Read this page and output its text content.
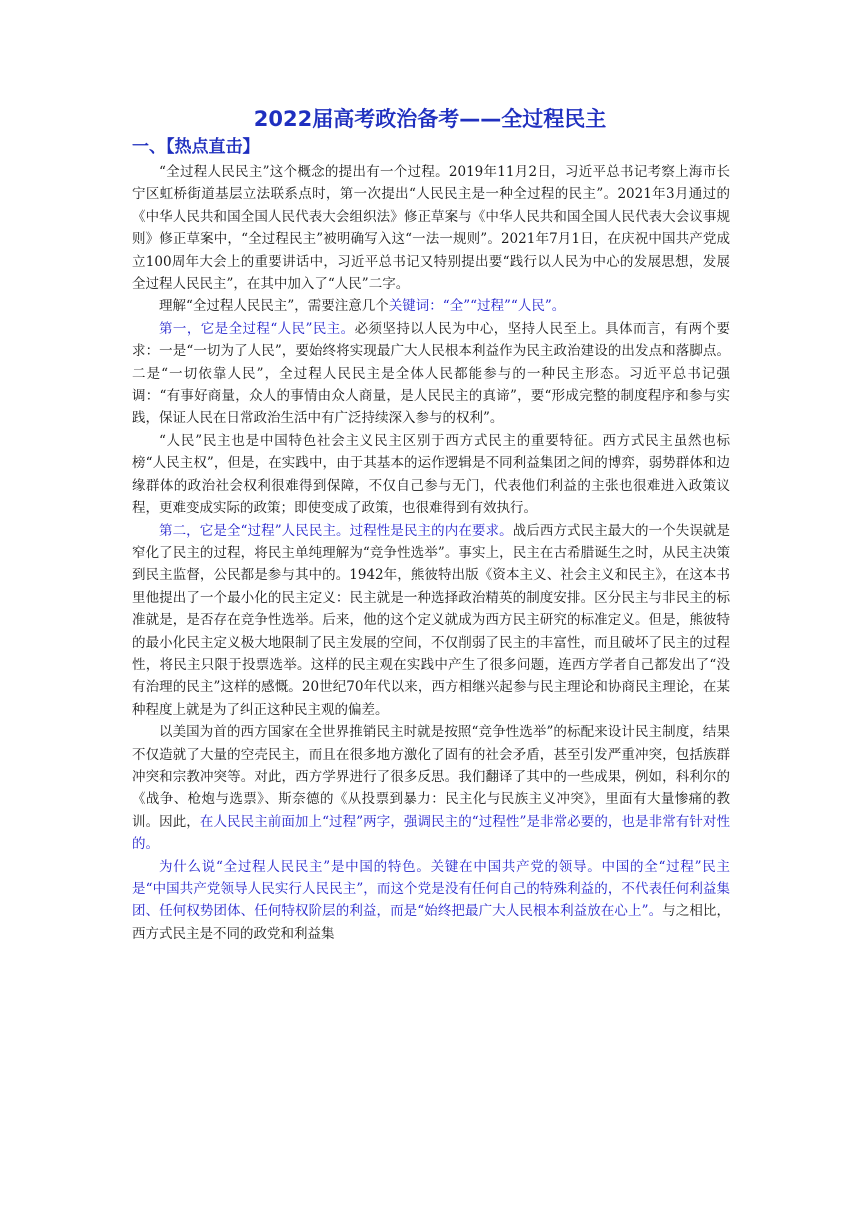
2022届高考政治备考——全过程民主
一、【热点直击】

“全过程人民民主”这个概念的提出有一个过程。2019年11月2日，习近平总书记考察上海市长宁区虹桥街道基层立法联系点时，第一次提出“人民民主是一种全过程的民主”。2021年3月通过的《中华人民共和国全国人民代表大会组织法》修正草案与《中华人民共和国全国人民代表大会议事规则》修正草案中，“全过程民主”被明确写入这“一法一规则”。2021年7月1日，在庆祝中国共产党成立100周年大会上的重要讲话中，习近平总书记又特别提出要“践行以人民为中心的发展思想，发展全过程人民民主”，在其中加入了“人民”二字。

理解“全过程人民民主”，需要注意几个关键词：“全”“过程”“人民”。

第一，它是全过程“人民”民主。必须坚持以人民为中心，坚持人民至上。具体而言，有两个要求：一是“一切为了人民”，要始终将实现最广大人民根本利益作为民主政治建设的出发点和落脚点。二是“一切依靠人民”，全过程人民民主是全体人民都能参与的一种民主形态。习近平总书记强调：“有事好商量，众人的事情由众人商量，是人民民主的真谛”，要“形成完整的制度程序和参与实践，保证人民在日常政治生活中有广泛持续深入参与的权利”。

“人民”民主也是中国特色社会主义民主区别于西方式民主的重要特征。西方式民主虽然也标榜“人民主权”，但是，在实践中，由于其基本的运作逻辑是不同利益集团之间的博弈，弱势群体和边缘群体的政治社会权利很难得到保障，不仅自己参与无门，代表他们利益的主张也很难进入政策议程，更难变成实际的政策；即使变成了政策，也很难得到有效执行。

第二，它是全“过程”人民民主。过程性是民主的内在要求。战后西方式民主最大的一个失误就是窄化了民主的过程，将民主单纯理解为“竞争性选举”。事实上，民主在古希腊诞生之时，从民主决策到民主监督，公民都是参与其中的。1942年，熊彼特出版《资本主义、社会主义和民主》，在这本书里他提出了一个最小化的民主定义：民主就是一种选择政治精英的制度安排。区分民主与非民主的标准就是，是否存在竞争性选举。后来，他的这个定义就成为西方民主研究的标准定义。但是，熊彼特的最小化民主定义极大地限制了民主发展的空间，不仅削弱了民主的丰富性，而且破坏了民主的过程性，将民主只限于投票选举。这样的民主观在实践中产生了很多问题，连西方学者自己都发出了“没有治理的民主”这样的感慨。20世纪70年代以来，西方相继兴起参与民主理论和协商民主理论，在某种程度上就是为了纠正这种民主观的偏差。

以美国为首的西方国家在全世界推销民主时就是按照“竞争性选举”的标配来设计民主制度，结果不仅造就了大量的空壳民主，而且在很多地方激化了固有的社会矛盾，甚至引发严重冲突，包括族群冲突和宗教冲突等。对此，西方学界进行了很多反思。我们翻译了其中的一些成果，例如，科利尔的《战争、枪炮与选票》、斯奈德的《从投票到暴力：民主化与民族主义冲突》，里面有大量惨痛的教训。因此，在人民民主前面加上“过程”两字，强调民主的“过程性”是非常必要的，也是非常有针对性的。

为什么说“全过程人民民主”是中国的特色。关键在中国共产党的领导。中国的全“过程”民主是“中国共产党领导人民实行人民民主”，而这个党是没有任何自己的特殊利益的，不代表任何利益集团、任何权势团体、任何特权阶层的利益，而是“始终把最广大人民根本利益放在心上”。与之相比，西方式民主是不同的政党和利益集
